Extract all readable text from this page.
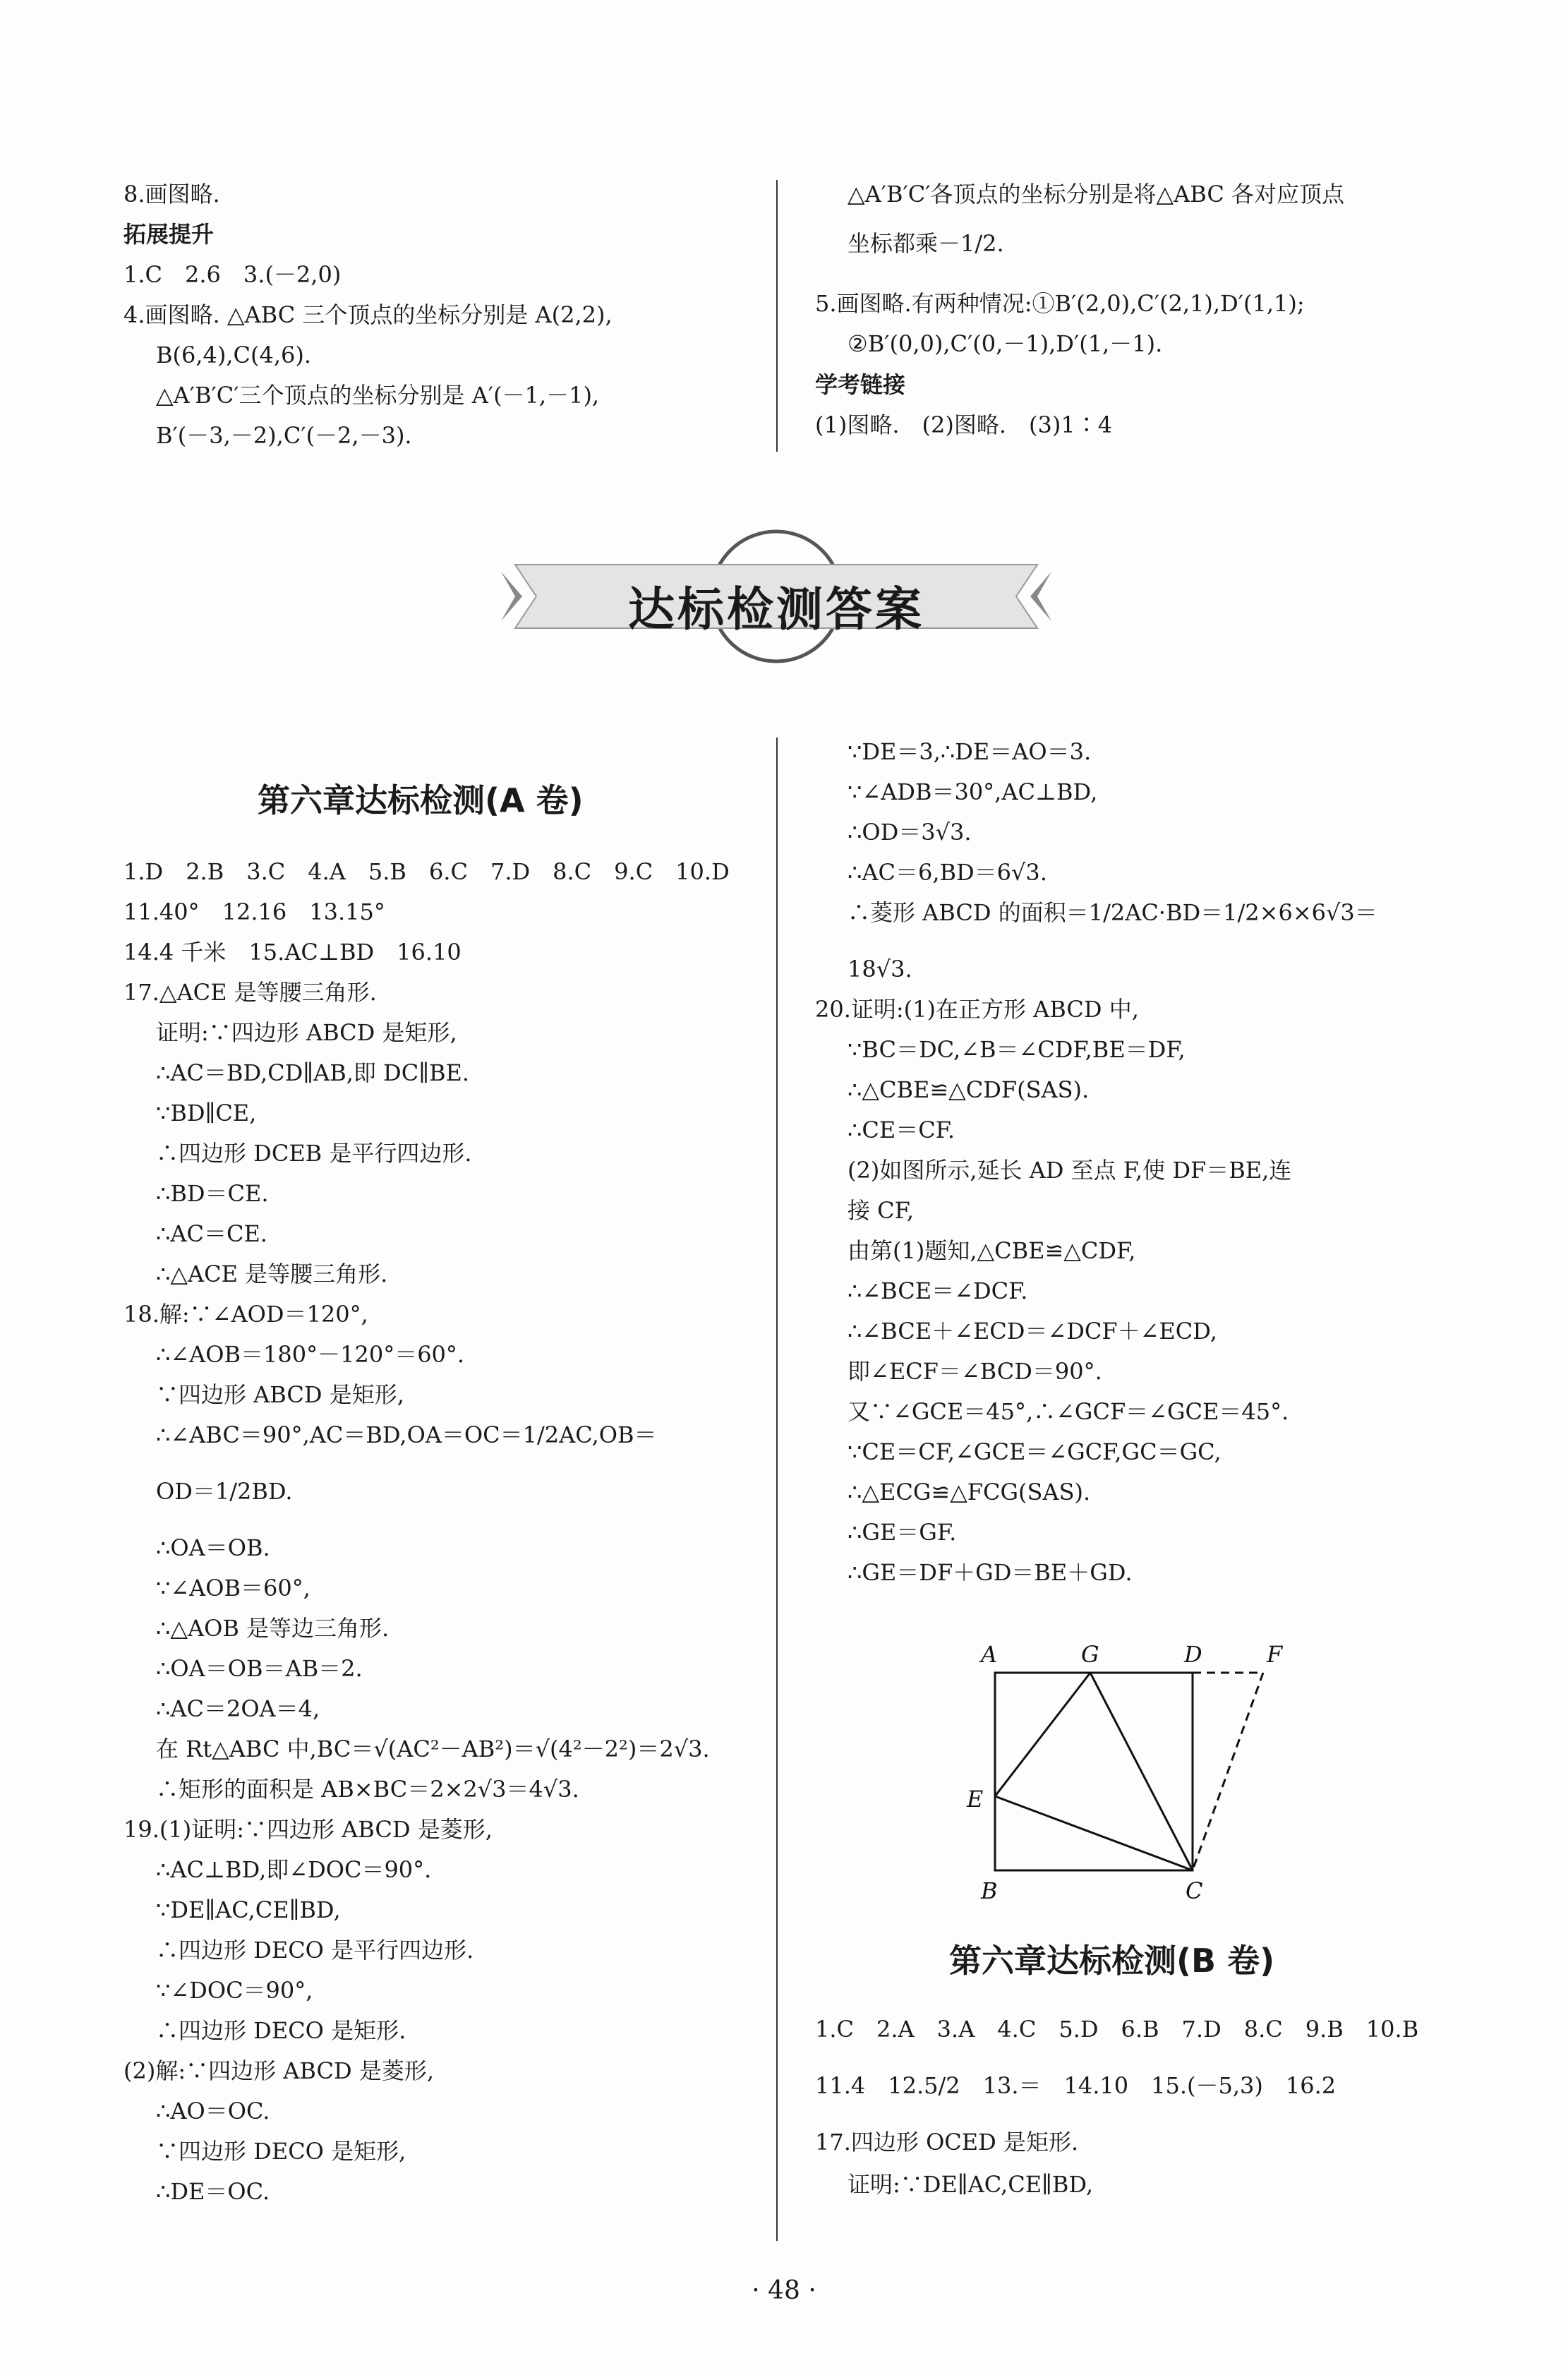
8.画图略.
拓展提升
1.C　2.6　3.(－2,0)
4.画图略. △ABC 三个顶点的坐标分别是 A(2,2),
B(6,4),C(4,6).
△A′B′C′三个顶点的坐标分别是 A′(－1,－1),
B′(－3,－2),C′(－2,－3).
△A′B′C′各顶点的坐标分别是将△ABC 各对应顶点
坐标都乘－1/2.
5.画图略.有两种情况:①B′(2,0),C′(2,1),D′(1,1);
②B′(0,0),C′(0,－1),D′(1,－1).
学考链接
(1)图略.　(2)图略.　(3)1∶4
达标检测答案
第六章达标检测(A 卷)
1.D　2.B　3.C　4.A　5.B　6.C　7.D　8.C　9.C　10.D
11.40°　12.16　13.15°
14.4 千米　15.AC⊥BD　16.10
17.△ACE 是等腰三角形.
证明:∵四边形 ABCD 是矩形,
∴AC＝BD,CD∥AB,即 DC∥BE.
∵BD∥CE,
∴四边形 DCEB 是平行四边形.
∴BD＝CE.
∴AC＝CE.
∴△ACE 是等腰三角形.
18.解:∵∠AOD＝120°,
∴∠AOB＝180°－120°＝60°.
∵四边形 ABCD 是矩形,
∴∠ABC＝90°,AC＝BD,OA＝OC＝1/2AC,OB＝
OD＝1/2BD.
∴OA＝OB.
∵∠AOB＝60°,
∴△AOB 是等边三角形.
∴OA＝OB＝AB＝2.
∴AC＝2OA＝4,
在 Rt△ABC 中,BC＝√(AC²－AB²)＝√(4²－2²)＝2√3.
∴矩形的面积是 AB×BC＝2×2√3＝4√3.
19.(1)证明:∵四边形 ABCD 是菱形,
∴AC⊥BD,即∠DOC＝90°.
∵DE∥AC,CE∥BD,
∴四边形 DECO 是平行四边形.
∵∠DOC＝90°,
∴四边形 DECO 是矩形.
(2)解:∵四边形 ABCD 是菱形,
∴AO＝OC.
∵四边形 DECO 是矩形,
∴DE＝OC.
∵DE＝3,∴DE＝AO＝3.
∵∠ADB＝30°,AC⊥BD,
∴OD＝3√3.
∴AC＝6,BD＝6√3.
∴菱形 ABCD 的面积＝1/2AC·BD＝1/2×6×6√3＝
18√3.
20.证明:(1)在正方形 ABCD 中,
∵BC＝DC,∠B＝∠CDF,BE＝DF,
∴△CBE≌△CDF(SAS).
∴CE＝CF.
(2)如图所示,延长 AD 至点 F,使 DF＝BE,连
接 CF,
由第(1)题知,△CBE≌△CDF,
∴∠BCE＝∠DCF.
∴∠BCE＋∠ECD＝∠DCF＋∠ECD,
即∠ECF＝∠BCD＝90°.
又∵∠GCE＝45°,∴∠GCF＝∠GCE＝45°.
∵CE＝CF,∠GCE＝∠GCF,GC＝GC,
∴△ECG≌△FCG(SAS).
∴GE＝GF.
∴GE＝DF＋GD＝BE＋GD.
A	G	D	F
E
B	C
第六章达标检测(B 卷)
1.C　2.A　3.A　4.C　5.D　6.B　7.D　8.C　9.B　10.B
11.4　12.5/2　13.＝　14.10　15.(－5,3)　16.2
17.四边形 OCED 是矩形.
证明:∵DE∥AC,CE∥BD,
· 48 ·
